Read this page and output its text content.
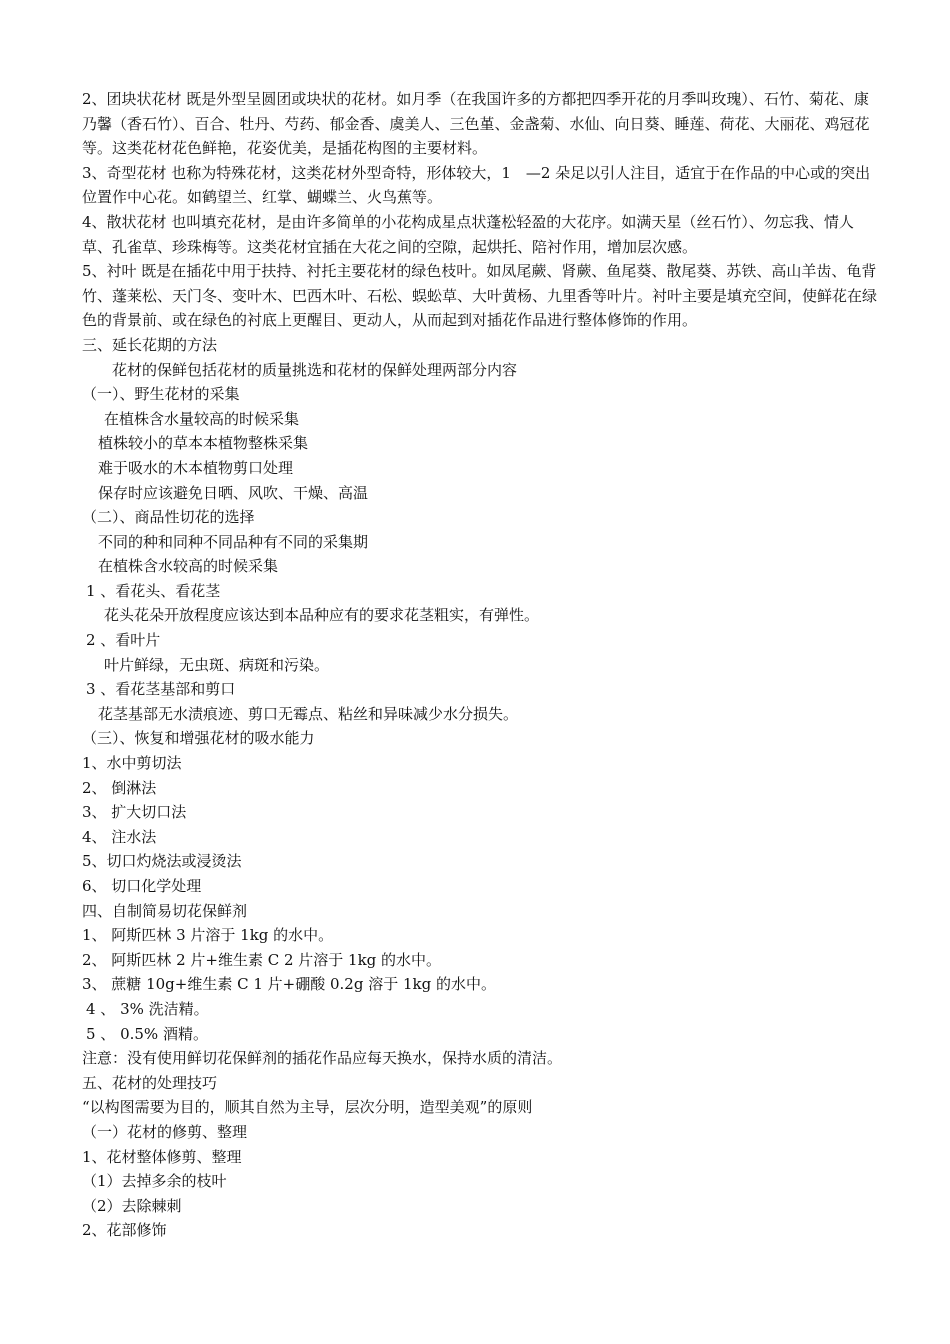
2、团块状花材 既是外型呈圆团或块状的花材。如月季（在我国许多的方都把四季开花的月季叫玫瑰）、石竹、菊花、康乃馨（香石竹）、百合、牡丹、芍药、郁金香、虞美人、三色堇、金盏菊、水仙、向日葵、睡莲、荷花、大丽花、鸡冠花等。这类花材花色鲜艳，花姿优美，是插花构图的主要材料。

3、奇型花材 也称为特殊花材，这类花材外型奇特，形体较大，1　—2 朵足以引人注目，适宜于在作品的中心或的突出位置作中心花。如鹤望兰、红掌、蝴蝶兰、火鸟蕉等。

4、散状花材 也叫填充花材，是由许多简单的小花构成星点状蓬松轻盈的大花序。如满天星（丝石竹）、勿忘我、情人草、孔雀草、珍珠梅等。这类花材宜插在大花之间的空隙，起烘托、陪衬作用，增加层次感。

5、衬叶 既是在插花中用于扶持、衬托主要花材的绿色枝叶。如凤尾蕨、肾蕨、鱼尾葵、散尾葵、苏铁、高山羊齿、龟背竹、蓬莱松、天门冬、变叶木、巴西木叶、石松、蜈蚣草、大叶黄杨、九里香等叶片。衬叶主要是填充空间，使鲜花在绿色的背景前、或在绿色的衬底上更醒目、更动人，从而起到对插花作品进行整体修饰的作用。

三、延长花期的方法

花材的保鲜包括花材的质量挑选和花材的保鲜处理两部分内容

（一）、野生花材的采集

在植株含水量较高的时候采集

植株较小的草本本植物整株采集

难于吸水的木本植物剪口处理

保存时应该避免日晒、风吹、干燥、高温

（二）、商品性切花的选择

不同的种和同种不同品种有不同的采集期

在植株含水较高的时候采集

1 、看花头、看花茎

花头花朵开放程度应该达到本品种应有的要求花茎粗实，有弹性。

2 、看叶片

叶片鲜绿，无虫斑、病斑和污染。

3 、看花茎基部和剪口

花茎基部无水渍痕迹、剪口无霉点、粘丝和异味减少水分损失。

（三）、恢复和增强花材的吸水能力

1、水中剪切法

2、 倒淋法

3、 扩大切口法

4、 注水法

5、切口灼烧法或浸烫法

6、 切口化学处理

四、自制简易切花保鲜剂

1、 阿斯匹林 3 片溶于 1kg 的水中。

2、 阿斯匹林 2 片+维生素 C 2 片溶于 1kg 的水中。

3、 蔗糖 10g+维生素 C 1 片+硼酸 0.2g 溶于 1kg 的水中。

4 、 3% 洗洁精。

5 、 0.5% 酒精。

注意：没有使用鲜切花保鲜剂的插花作品应每天换水，保持水质的清洁。

五、花材的处理技巧

“以构图需要为目的，顺其自然为主导，层次分明，造型美观”的原则

（一）花材的修剪、整理

1、花材整体修剪、整理

（1）去掉多余的枝叶

（2）去除棘刺

2、花部修饰
